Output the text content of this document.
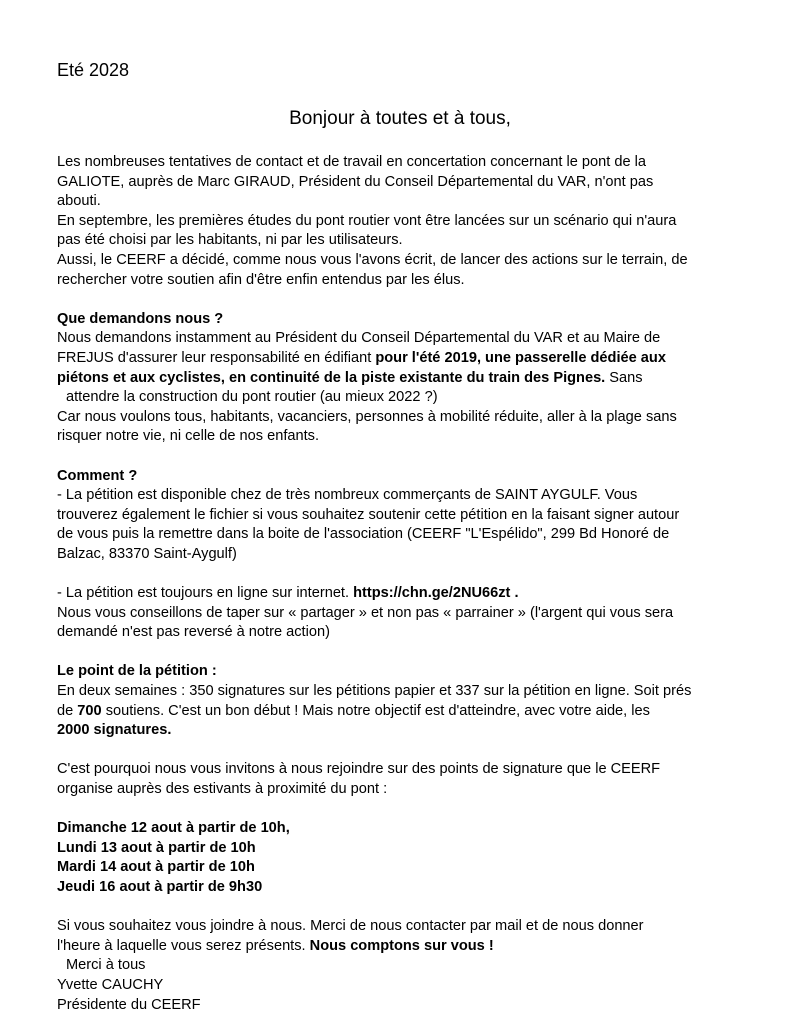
Eté 2028
Bonjour à toutes et à tous,

Les nombreuses tentatives de contact et de travail en concertation concernant le pont de la

GALIOTE, auprès de Marc GIRAUD, Président du Conseil Départemental du VAR, n'ont pas

abouti.

En septembre, les premières études du pont routier vont être lancées sur un scénario qui n'aura

pas été choisi par les habitants, ni par les utilisateurs.

Aussi, le CEERF a décidé, comme nous vous l'avons écrit, de lancer des actions sur le terrain, de

rechercher votre soutien afin d'être enfin entendus par les élus.

Que demandons nous ?

Nous demandons instamment au Président du Conseil Départemental du VAR et au Maire de

FREJUS d'assurer leur responsabilité en édifiant pour l'été 2019, une passerelle dédiée aux

piétons et aux cyclistes, en continuité de la piste existante du train des Pignes. Sans

attendre la construction du pont routier (au mieux 2022 ?)

Car nous voulons tous, habitants, vacanciers, personnes à mobilité réduite, aller à la plage sans

risquer notre vie, ni celle de nos enfants.

Comment ?

- La pétition est disponible chez de très nombreux commerçants de SAINT AYGULF. Vous

trouverez également le fichier si vous souhaitez soutenir cette pétition en la faisant signer autour

de vous puis la remettre dans la boite de l'association (CEERF "L'Espélido", 299 Bd Honoré de

Balzac, 83370 Saint-Aygulf)

- La pétition est toujours en ligne sur internet. https://chn.ge/2NU66zt .

Nous vous conseillons de taper sur « partager » et non pas « parrainer » (l'argent qui vous sera

demandé n'est pas reversé à notre action)

Le point de la pétition :

En deux semaines : 350 signatures sur les pétitions papier et 337 sur la pétition en ligne. Soit prés

de 700 soutiens. C'est un bon début ! Mais notre objectif est d'atteindre, avec votre aide, les

2000 signatures.

C'est pourquoi nous vous invitons à nous rejoindre sur des points de signature que le CEERF

organise auprès des estivants à proximité du pont :

Dimanche 12 aout à partir de 10h,

Lundi 13 aout à partir de 10h

Mardi 14 aout à partir de 10h

Jeudi 16 aout à partir de 9h30

Si vous souhaitez vous joindre à nous. Merci de nous contacter par mail et de nous donner

l'heure à laquelle vous serez présents. Nous comptons sur vous !

Merci à tous

Yvette CAUCHY

Présidente du CEERF
